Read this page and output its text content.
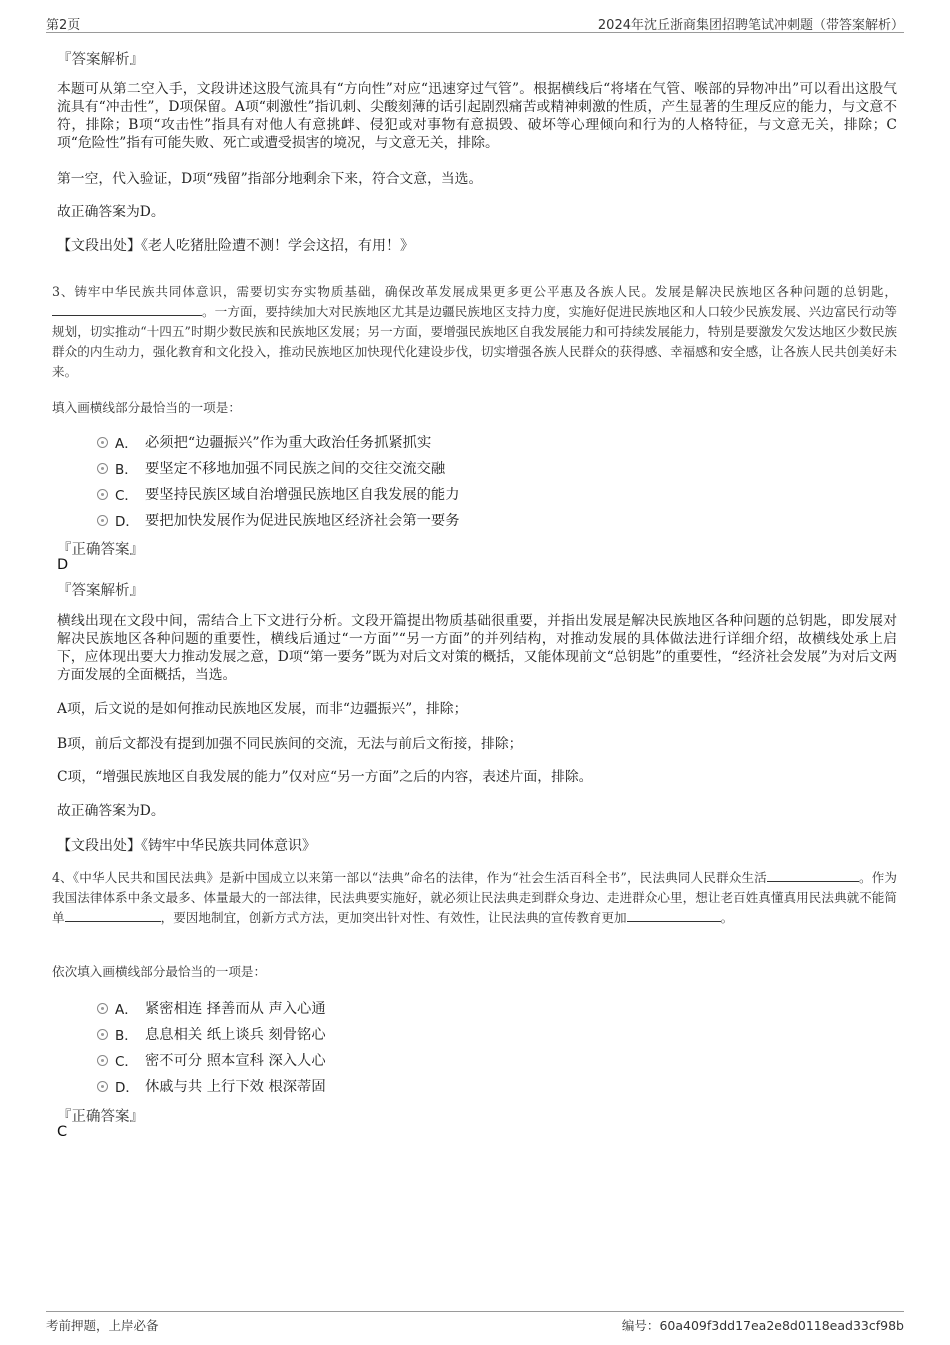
第2页	2024年沈丘浙商集团招聘笔试冲刺题（带答案解析）
『答案解析』
本题可从第二空入手，文段讲述这股气流具有“方向性”对应“迅速穿过气管”。根据横线后“将堵在气管、喉部的异物冲出”可以看出这股气流具有“冲击性”，D项保留。A项“刺激性”指讥刺、尖酸刻薄的话引起剧烈痛苦或精神刺激的性质，产生显著的生理反应的能力，与文意不符，排除；B项“攻击性”指具有对他人有意挑衅、侵犯或对事物有意损毁、破坏等心理倾向和行为的人格特征，与文意无关，排除；C项“危险性”指有可能失败、死亡或遭受损害的境况，与文意无关，排除。
第一空，代入验证，D项“残留”指部分地剩余下来，符合文意，当选。
故正确答案为D。
【文段出处】《老人吃猪肚险遭不测！学会这招，有用！》
3、铸牢中华民族共同体意识，需要切实夯实物质基础，确保改革发展成果更多更公平惠及各族人民。发展是解决民族地区各种问题的总钥匙，。一方面，要持续加大对民族地区尤其是边疆民族地区支持力度，实施好促进民族地区和人口较少民族发展、兴边富民行动等规划，切实推动“十四五”时期少数民族和民族地区发展；另一方面，要增强民族地区自我发展能力和可持续发展能力，特别是要激发欠发达地区少数民族群众的内生动力，强化教育和文化投入，推动民族地区加快现代化建设步伐，切实增强各族人民群众的获得感、幸福感和安全感，让各族人民共创美好未来。
填入画横线部分最恰当的一项是：
A． 必须把“边疆振兴”作为重大政治任务抓紧抓实
B． 要坚定不移地加强不同民族之间的交往交流交融
C． 要坚持民族区域自治增强民族地区自我发展的能力
D． 要把加快发展作为促进民族地区经济社会第一要务
『正确答案』
D
『答案解析』
横线出现在文段中间，需结合上下文进行分析。文段开篇提出物质基础很重要，并指出发展是解决民族地区各种问题的总钥匙，即发展对解决民族地区各种问题的重要性，横线后通过“一方面”“另一方面”的并列结构，对推动发展的具体做法进行详细介绍，故横线处承上启下，应体现出要大力推动发展之意，D项“第一要务”既为对后文对策的概括，又能体现前文“总钥匙”的重要性，“经济社会发展”为对后文两方面发展的全面概括，当选。
A项，后文说的是如何推动民族地区发展，而非“边疆振兴”，排除；
B项，前后文都没有提到加强不同民族间的交流，无法与前后文衔接，排除；
C项，“增强民族地区自我发展的能力”仅对应“另一方面”之后的内容，表述片面，排除。
故正确答案为D。
【文段出处】《铸牢中华民族共同体意识》
4、《中华人民共和国民法典》是新中国成立以来第一部以“法典”命名的法律，作为“社会生活百科全书”，民法典同人民群众生活	。作为我国法律体系中条文最多、体量最大的一部法律，民法典要实施好，就必须让民法典走到群众身边、走进群众心里，想让老百姓真懂真用民法典就不能简单	，要因地制宜，创新方式方法，更加突出针对性、有效性，让民法典的宣传教育更加	。
依次填入画横线部分最恰当的一项是：
A． 紧密相连 择善而从 声入心通
B． 息息相关 纸上谈兵 刻骨铭心
C． 密不可分 照本宣科 深入人心
D． 休戚与共 上行下效 根深蒂固
『正确答案』
C
考前押题，上岸必备	编号：60a409f3dd17ea2e8d0118ead33cf98b
